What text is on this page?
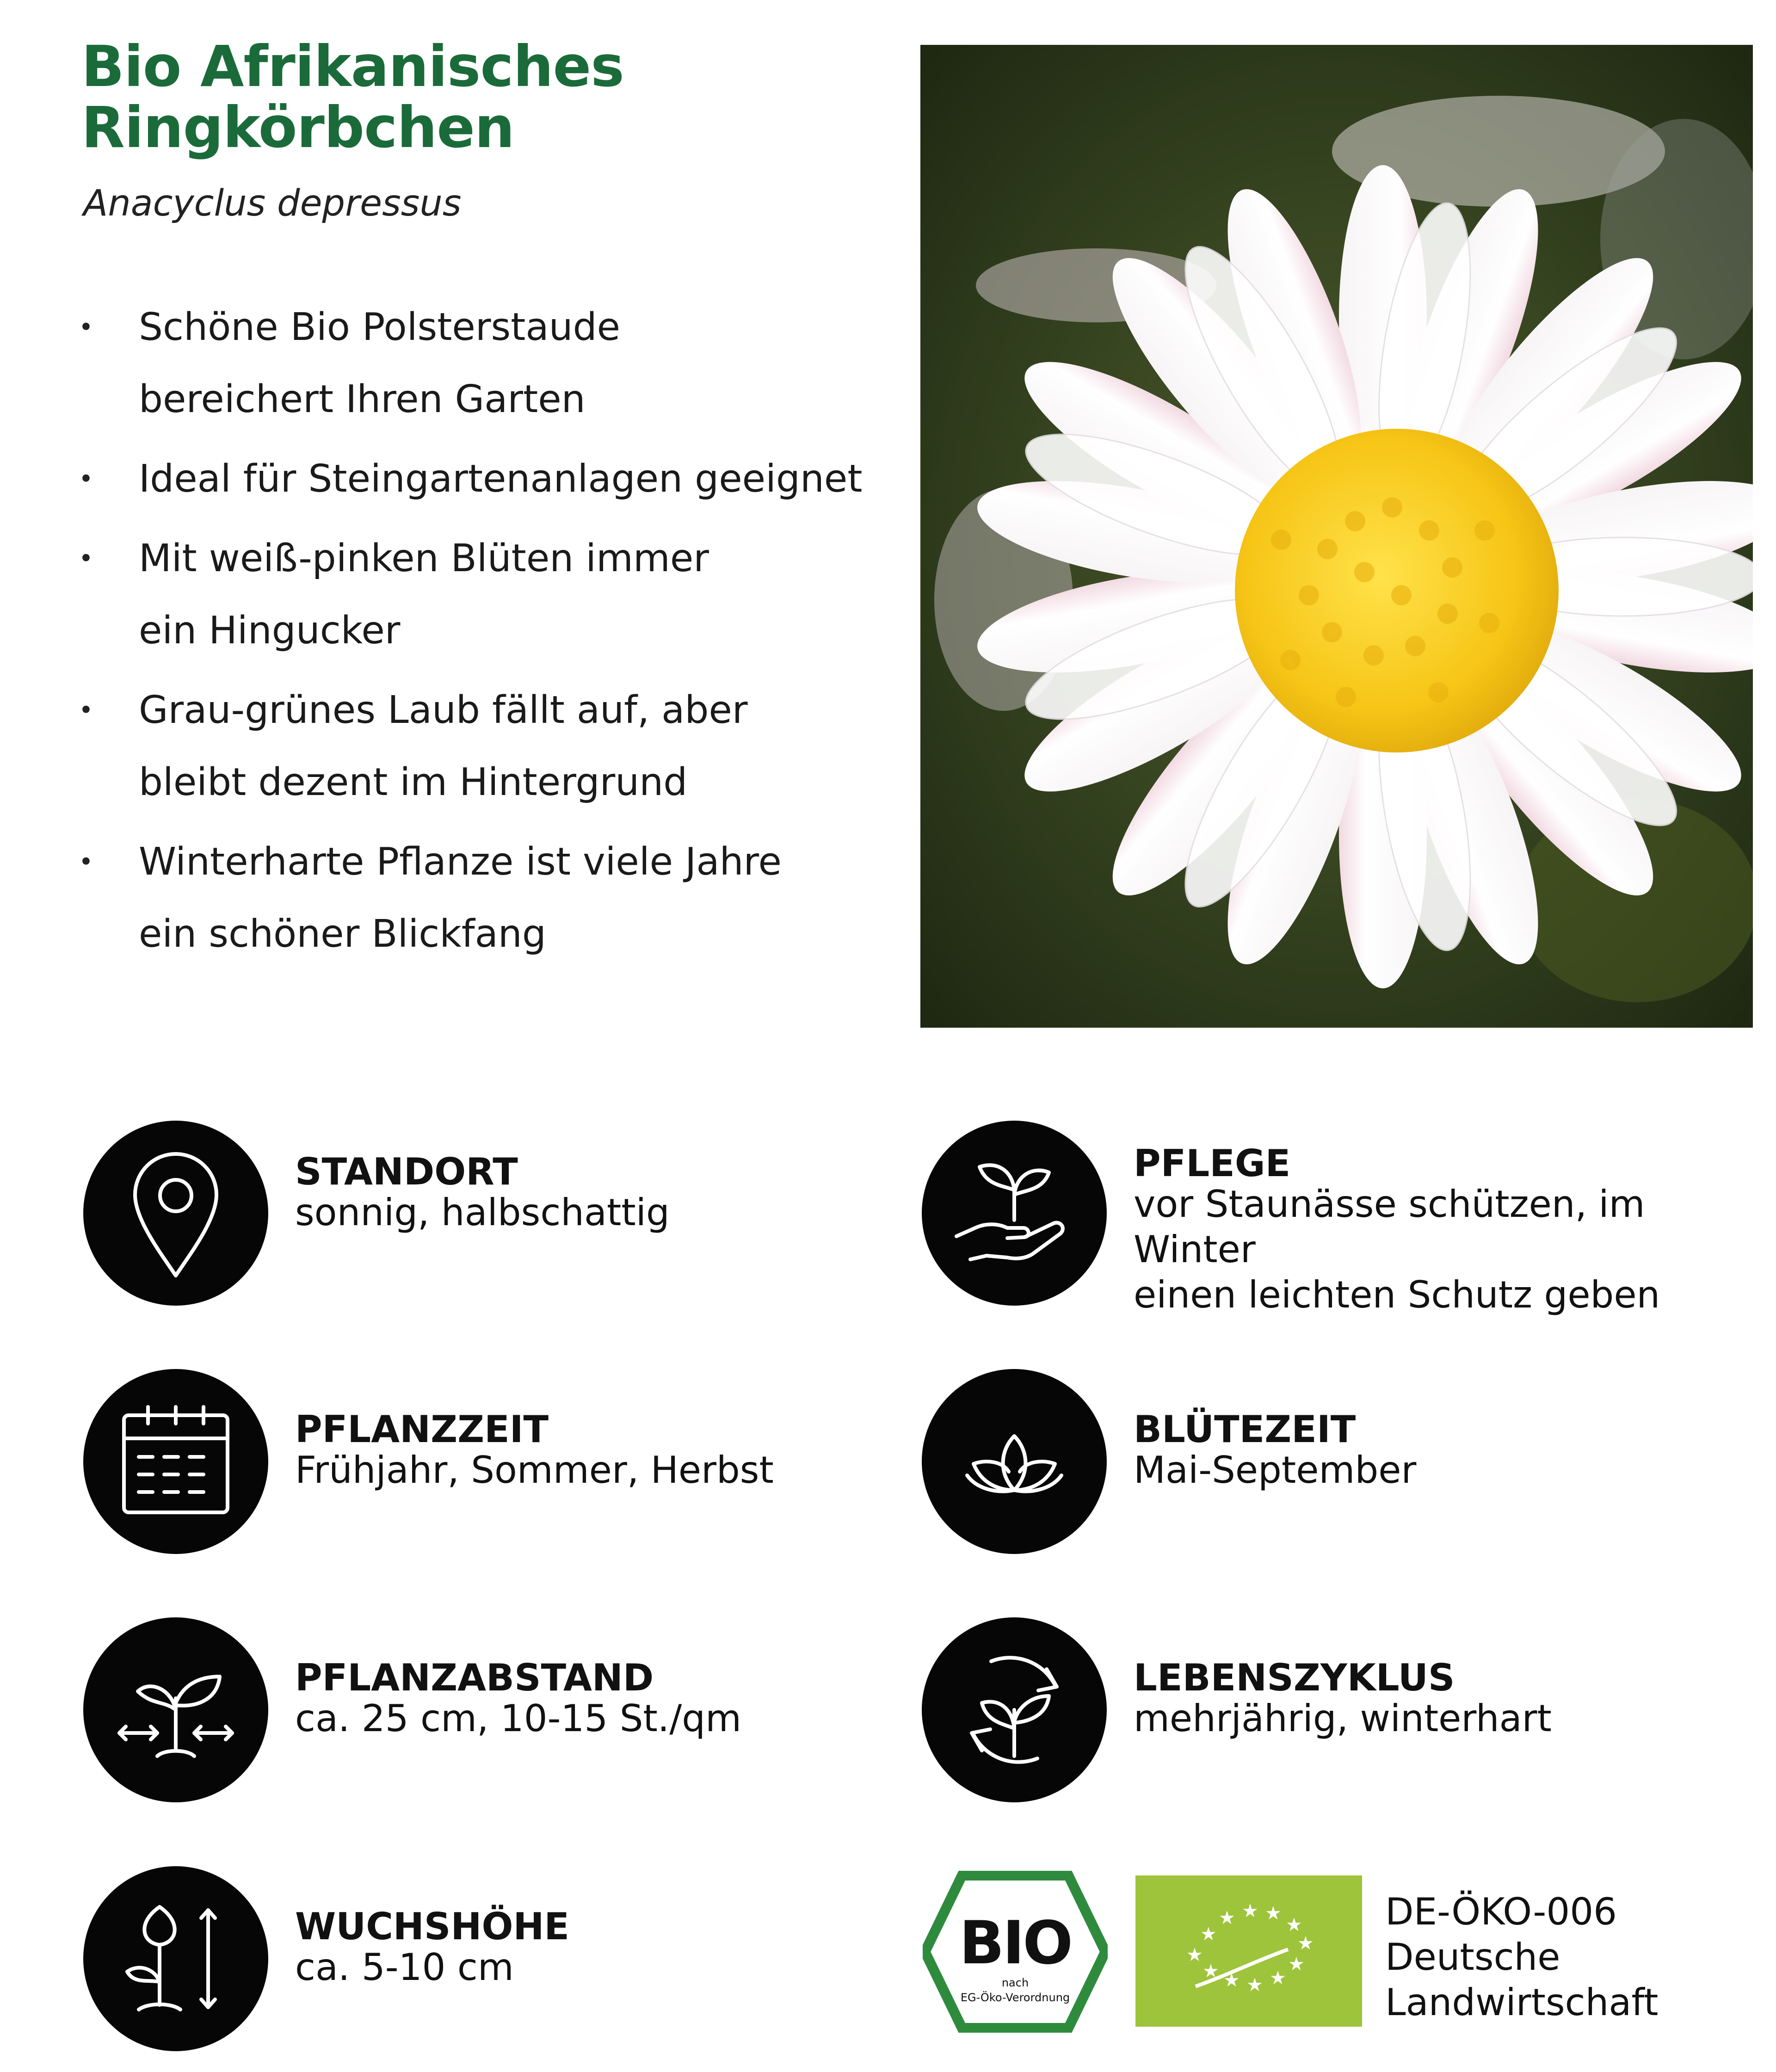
Bio Afrikanisches
Ringkörbchen
Anacyclus depressus
• Schöne Bio Polsterstaude bereichert Ihren Garten
• Ideal für Steingartenanlagen geeignet
• Mit weiß-pinken Blüten immer ein Hingucker
• Grau-grünes Laub fällt auf, aber bleibt dezent im Hintergrund
• Winterharte Pflanze ist viele Jahre ein schöner Blickfang
STANDORT
sonnig, halbschattig
PFLEGE
vor Staunässe schützen, im Winter
einen leichten Schutz geben
PFLANZZEIT
Frühjahr, Sommer, Herbst
BLÜTEZEIT
Mai-September
PFLANZABSTAND
ca. 25 cm, 10-15 St./qm
LEBENSZYKLUS
mehrjährig, winterhart
WUCHSHÖHE
ca. 5-10 cm	BIO
nach
EG-Öko-Verordnung
★
★
★ ★ ★
★
★
★
★
★
★
★
DE-ÖKO-006
Deutsche
Landwirtschaft
